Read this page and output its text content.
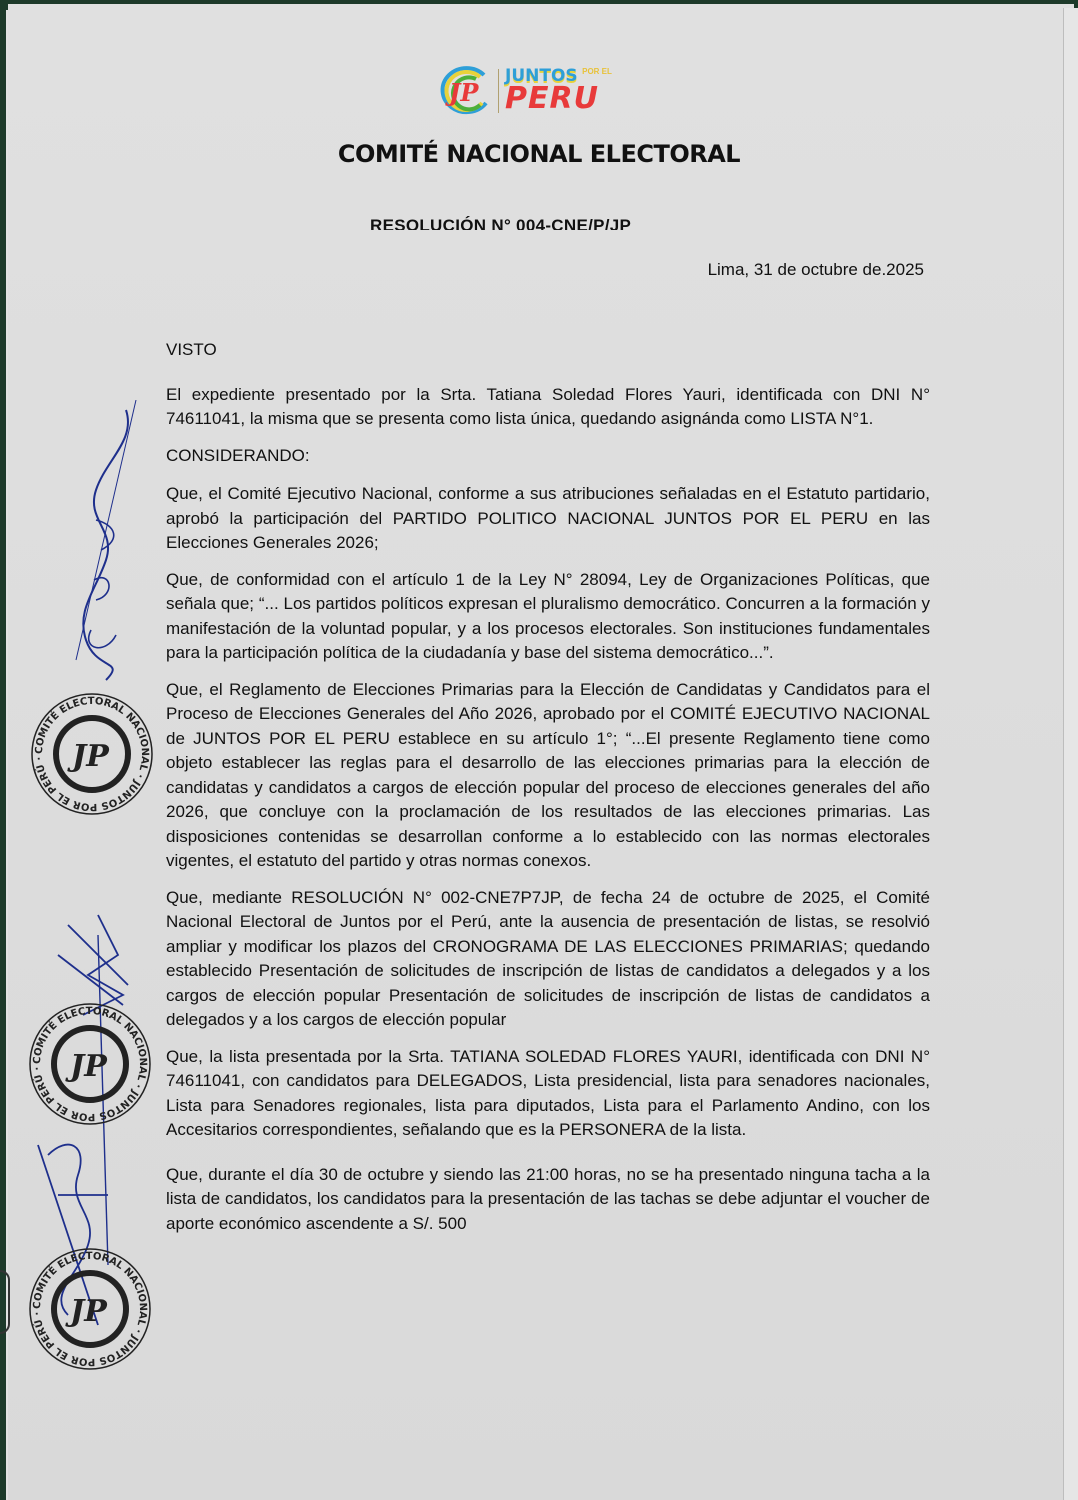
JP
JUNTOS $^{POR EL}$
PERU
COMITÉ NACIONAL ELECTORAL
RESOLUCIÓN N° 004-CNE/P/JP
Lima, 31 de octubre de.2025
VISTO
El expediente presentado por la Srta. Tatiana Soledad Flores Yauri, identificada con DNI N° 74611041, la misma que se presenta como lista única, quedando asignánda como LISTA N°1.
CONSIDERANDO:
Que, el Comité Ejecutivo Nacional, conforme a sus atribuciones señaladas en el Estatuto partidario, aprobó la participación del PARTIDO POLITICO NACIONAL JUNTOS POR EL PERU en las Elecciones Generales 2026;
Que, de conformidad con el artículo 1 de la Ley N° 28094, Ley de Organizaciones Políticas, que señala que; “... Los partidos políticos expresan el pluralismo democrático. Concurren a la formación y manifestación de la voluntad popular, y a los procesos electorales. Son instituciones fundamentales para la participación política de la ciudadanía y base del sistema democrático...”.
Que, el Reglamento de Elecciones Primarias para la Elección de Candidatas y Candidatos para el Proceso de Elecciones Generales del Año 2026, aprobado por el COMITÉ EJECUTIVO NACIONAL de JUNTOS POR EL PERU establece en su artículo 1°; “...El presente Reglamento tiene como objeto establecer las reglas para el desarrollo de las elecciones primarias para la elección de candidatas y candidatos a cargos de elección popular del proceso de elecciones generales del año 2026, que concluye con la proclamación de los resultados de las elecciones primarias. Las disposiciones contenidas se desarrollan conforme a lo establecido con las normas electorales vigentes, el estatuto del partido y otras normas conexos.
Que, mediante RESOLUCIÓN N° 002-CNE7P7JP, de fecha 24 de octubre de 2025, el Comité Nacional Electoral de Juntos por el Perú, ante la ausencia de presentación de listas, se resolvió ampliar y modificar los plazos del CRONOGRAMA DE LAS ELECCIONES PRIMARIAS; quedando establecido Presentación de solicitudes de inscripción de listas de candidatos a delegados y a los cargos de elección popular Presentación de solicitudes de inscripción de listas de candidatos a delegados y a los cargos de elección popular
Que, la lista presentada por la Srta. TATIANA SOLEDAD FLORES YAURI, identificada con DNI N° 74611041, con candidatos para DELEGADOS, Lista presidencial, lista para senadores nacionales, Lista para Senadores regionales, lista para diputados, Lista para el Parlamento Andino, con los Accesitarios correspondientes, señalando que es la PERSONERA de la lista.
Que, durante el día 30 de octubre y siendo las 21:00 horas, no se ha presentado ninguna tacha a la lista de candidatos, los candidatos para la presentación de las tachas se debe adjuntar el voucher de aporte económico ascendente a S/. 500
COMITÉ ELECTORAL NACIONAL · JUNTOS POR EL PERÚ · JP
COMITÉ ELECTORAL NACIONAL · JUNTOS POR EL PERÚ · JP
COMITÉ ELECTORAL NACIONAL · JUNTOS POR EL PERÚ · JP
